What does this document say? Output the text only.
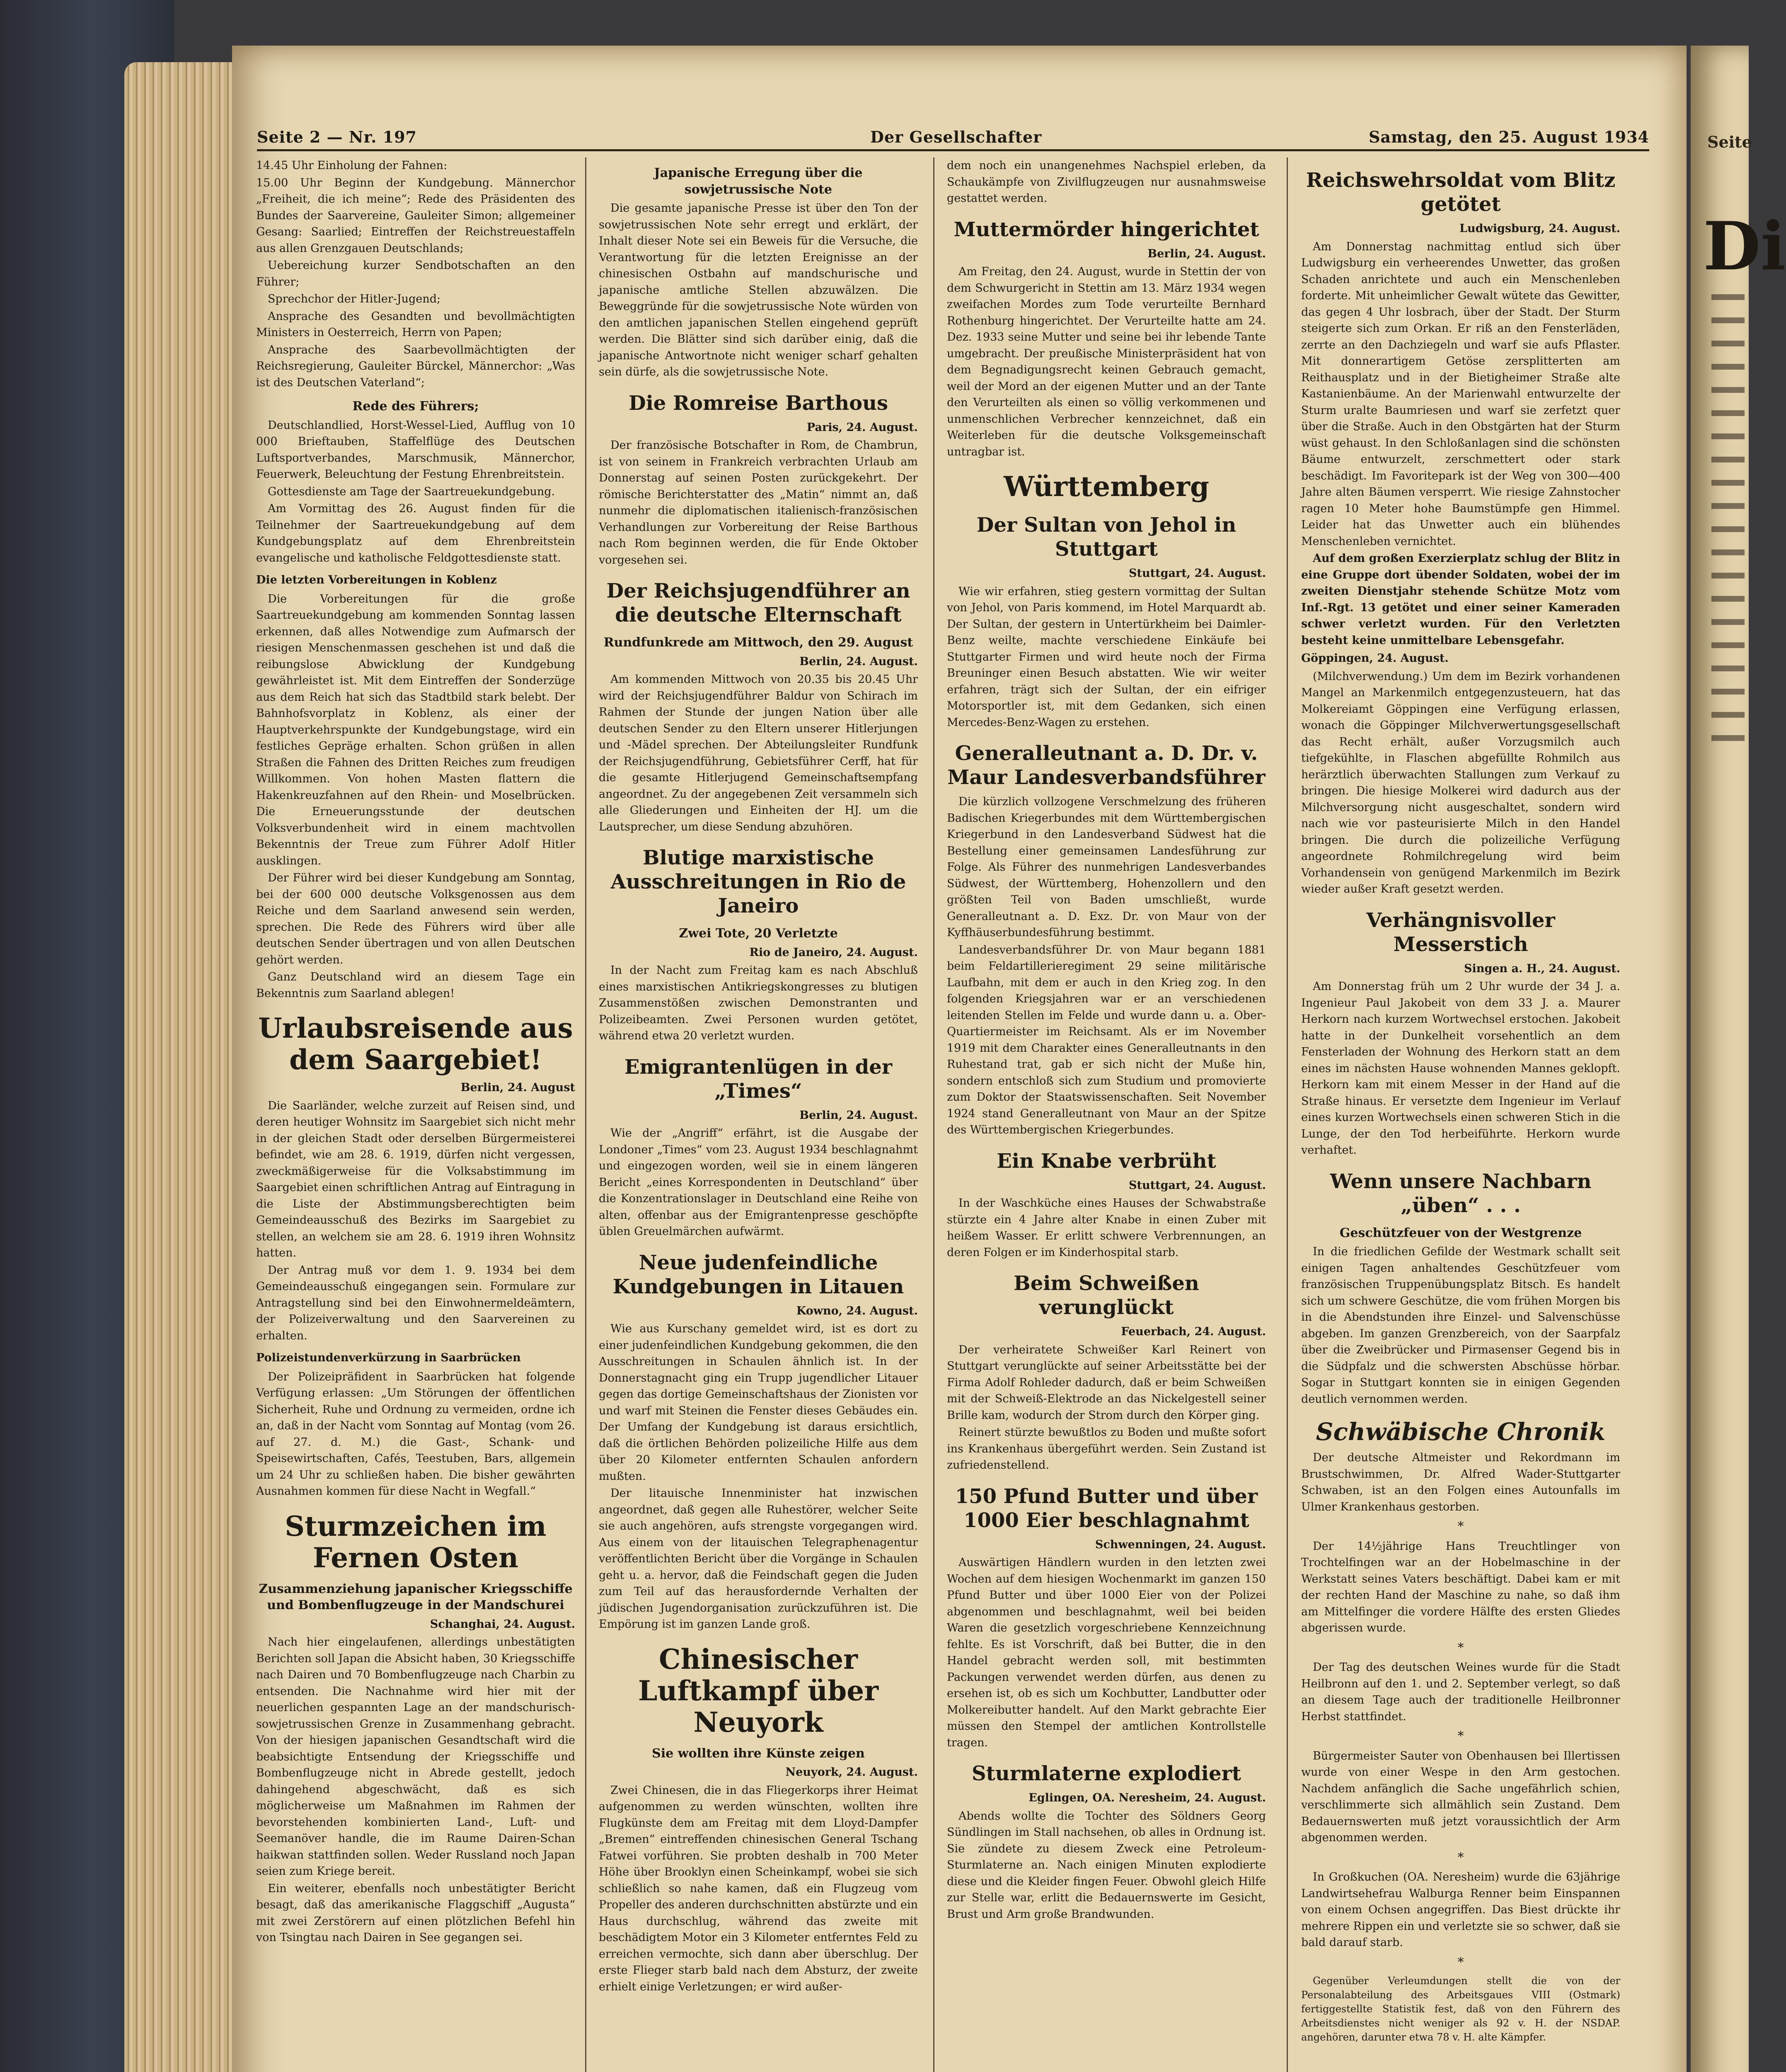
Seite
Di
Seite 2 — Nr. 197	Der Gesellschafter	Samstag, den 25. August 1934

14.45 Uhr Einholung der Fahnen:

15.00 Uhr Beginn der Kundgebung. Männerchor „Freiheit, die ich meine“; Rede des Präsidenten des Bundes der Saarvereine, Gauleiter Simon; allgemeiner Gesang: Saarlied; Eintreffen der Reichstreuestaffeln aus allen Grenzgauen Deutschlands;

Uebereichung kurzer Sendbotschaften an den Führer;

Sprechchor der Hitler-Jugend;

Ansprache des Gesandten und bevollmächtigten Ministers in Oesterreich, Herrn von Papen;

Ansprache des Saarbevollmächtigten der Reichsregierung, Gauleiter Bürckel, Männerchor: „Was ist des Deutschen Vaterland“;

Rede des Führers;

Deutschlandlied, Horst-Wessel-Lied, Aufflug von 10 000 Brieftauben, Staffelflüge des Deutschen Luftsportverbandes, Marschmusik, Männerchor, Feuerwerk, Beleuchtung der Festung Ehrenbreitstein.

Gottesdienste am Tage der Saartreuekundgebung.

Am Vormittag des 26. August finden für die Teilnehmer der Saartreuekundgebung auf dem Kundgebungsplatz auf dem Ehrenbreitstein evangelische und katholische Feldgottesdienste statt.

Die letzten Vorbereitungen in Koblenz

Die Vorbereitungen für die große Saartreuekundgebung am kommenden Sonntag lassen erkennen, daß alles Notwendige zum Aufmarsch der riesigen Menschenmassen geschehen ist und daß die reibungslose Abwicklung der Kundgebung gewährleistet ist. Mit dem Eintreffen der Sonderzüge aus dem Reich hat sich das Stadtbild stark belebt. Der Bahnhofsvorplatz in Koblenz, als einer der Hauptverkehrspunkte der Kundgebungstage, wird ein festliches Gepräge erhalten. Schon grüßen in allen Straßen die Fahnen des Dritten Reiches zum freudigen Willkommen. Von hohen Masten flattern die Hakenkreuzfahnen auf den Rhein- und Moselbrücken. Die Erneuerungsstunde der deutschen Volksverbundenheit wird in einem machtvollen Bekenntnis der Treue zum Führer Adolf Hitler ausklingen.

Der Führer wird bei dieser Kundgebung am Sonntag, bei der 600 000 deutsche Volksgenossen aus dem Reiche und dem Saarland anwesend sein werden, sprechen. Die Rede des Führers wird über alle deutschen Sender übertragen und von allen Deutschen gehört werden.

Ganz Deutschland wird an diesem Tage ein Bekenntnis zum Saarland ablegen!

Urlaubsreisende aus dem Saargebiet!

Berlin, 24. August

Die Saarländer, welche zurzeit auf Reisen sind, und deren heutiger Wohnsitz im Saargebiet sich nicht mehr in der gleichen Stadt oder derselben Bürgermeisterei befindet, wie am 28. 6. 1919, dürfen nicht vergessen, zweckmäßigerweise für die Volksabstimmung im Saargebiet einen schriftlichen Antrag auf Eintragung in die Liste der Abstimmungsberechtigten beim Gemeindeausschuß des Bezirks im Saargebiet zu stellen, an welchem sie am 28. 6. 1919 ihren Wohnsitz hatten.

Der Antrag muß vor dem 1. 9. 1934 bei dem Gemeindeausschuß eingegangen sein. Formulare zur Antragstellung sind bei den Einwohnermeldeämtern, der Polizeiverwaltung und den Saarvereinen zu erhalten.

Polizeistundenverkürzung in Saarbrücken

Der Polizeipräfident in Saarbrücken hat folgende Verfügung erlassen: „Um Störungen der öffentlichen Sicherheit, Ruhe und Ordnung zu vermeiden, ordne ich an, daß in der Nacht vom Sonntag auf Montag (vom 26. auf 27. d. M.) die Gast-, Schank- und Speisewirtschaften, Cafés, Teestuben, Bars, allgemein um 24 Uhr zu schließen haben. Die bisher gewährten Ausnahmen kommen für diese Nacht in Wegfall.“

Sturmzeichen im Fernen Osten

Zusammenziehung japanischer Kriegsschiffe und Bombenflugzeuge in der Mandschurei

Schanghai, 24. August.

Nach hier eingelaufenen, allerdings unbestätigten Berichten soll Japan die Absicht haben, 30 Kriegsschiffe nach Dairen und 70 Bombenflugzeuge nach Charbin zu entsenden. Die Nachnahme wird hier mit der neuerlichen gespannten Lage an der mandschurisch-sowjetrussischen Grenze in Zusammenhang gebracht. Von der hiesigen japanischen Gesandtschaft wird die beabsichtigte Entsendung der Kriegsschiffe und Bombenflugzeuge nicht in Abrede gestellt, jedoch dahingehend abgeschwächt, daß es sich möglicherweise um Maßnahmen im Rahmen der bevorstehenden kombinierten Land-, Luft- und Seemanöver handle, die im Raume Dairen-Schan haikwan stattfinden sollen. Weder Russland noch Japan seien zum Kriege bereit.

Ein weiterer, ebenfalls noch unbestätigter Bericht besagt, daß das amerikanische Flaggschiff „Augusta“ mit zwei Zerstörern auf einen plötzlichen Befehl hin von Tsingtau nach Dairen in See gegangen sei.

Japanische Erregung über die sowjetrussische Note

Die gesamte japanische Presse ist über den Ton der sowjetrussischen Note sehr erregt und erklärt, der Inhalt dieser Note sei ein Beweis für die Versuche, die Verantwortung für die letzten Ereignisse an der chinesischen Ostbahn auf mandschurische und japanische amtliche Stellen abzuwälzen. Die Beweggründe für die sowjetrussische Note würden von den amtlichen japanischen Stellen eingehend geprüft werden. Die Blätter sind sich darüber einig, daß die japanische Antwortnote nicht weniger scharf gehalten sein dürfe, als die sowjetrussische Note.

Die Romreise Barthous

Paris, 24. August.

Der französische Botschafter in Rom, de Chambrun, ist von seinem in Frankreich verbrachten Urlaub am Donnerstag auf seinen Posten zurückgekehrt. Der römische Berichterstatter des „Matin“ nimmt an, daß nunmehr die diplomatischen italienisch-französischen Verhandlungen zur Vorbereitung der Reise Barthous nach Rom beginnen werden, die für Ende Oktober vorgesehen sei.

Der Reichsjugendführer an die deutsche Elternschaft

Rundfunkrede am Mittwoch, den 29. August

Berlin, 24. August.

Am kommenden Mittwoch von 20.35 bis 20.45 Uhr wird der Reichsjugendführer Baldur von Schirach im Rahmen der Stunde der jungen Nation über alle deutschen Sender zu den Eltern unserer Hitlerjungen und -Mädel sprechen. Der Abteilungsleiter Rundfunk der Reichsjugendführung, Gebietsführer Cerff, hat für die gesamte Hitlerjugend Gemeinschaftsempfang angeordnet. Zu der angegebenen Zeit versammeln sich alle Gliederungen und Einheiten der HJ. um die Lautsprecher, um diese Sendung abzuhören.

Blutige marxistische Ausschreitungen in Rio de Janeiro

Zwei Tote, 20 Verletzte

Rio de Janeiro, 24. August.

In der Nacht zum Freitag kam es nach Abschluß eines marxistischen Antikriegskongresses zu blutigen Zusammenstößen zwischen Demonstranten und Polizeibeamten. Zwei Personen wurden getötet, während etwa 20 verletzt wurden.

Emigrantenlügen in der „Times“

Berlin, 24. August.

Wie der „Angriff“ erfährt, ist die Ausgabe der Londoner „Times“ vom 23. August 1934 beschlagnahmt und eingezogen worden, weil sie in einem längeren Bericht „eines Korrespondenten in Deutschland“ über die Konzentrationslager in Deutschland eine Reihe von alten, offenbar aus der Emigrantenpresse geschöpfte üblen Greuelmärchen aufwärmt.

Neue judenfeindliche Kundgebungen in Litauen

Kowno, 24. August.

Wie aus Kurschany gemeldet wird, ist es dort zu einer judenfeindlichen Kundgebung gekommen, die den Ausschreitungen in Schaulen ähnlich ist. In der Donnerstagnacht ging ein Trupp jugendlicher Litauer gegen das dortige Gemeinschaftshaus der Zionisten vor und warf mit Steinen die Fenster dieses Gebäudes ein. Der Umfang der Kundgebung ist daraus ersichtlich, daß die örtlichen Behörden polizeiliche Hilfe aus dem über 20 Kilometer entfernten Schaulen anfordern mußten.

Der litauische Innenminister hat inzwischen angeordnet, daß gegen alle Ruhestörer, welcher Seite sie auch angehören, aufs strengste vorgegangen wird. Aus einem von der litauischen Telegraphenagentur veröffentlichten Bericht über die Vorgänge in Schaulen geht u. a. hervor, daß die Feindschaft gegen die Juden zum Teil auf das herausfordernde Verhalten der jüdischen Jugendorganisation zurückzuführen ist. Die Empörung ist im ganzen Lande groß.

Chinesischer Luftkampf über Neuyork

Sie wollten ihre Künste zeigen

Neuyork, 24. August.

Zwei Chinesen, die in das Fliegerkorps ihrer Heimat aufgenommen zu werden wünschten, wollten ihre Flugkünste dem am Freitag mit dem Lloyd-Dampfer „Bremen“ eintreffenden chinesischen General Tschang Fatwei vorführen. Sie probten deshalb in 700 Meter Höhe über Brooklyn einen Scheinkampf, wobei sie sich schließlich so nahe kamen, daß ein Flugzeug vom Propeller des anderen durchschnitten abstürzte und ein Haus durchschlug, während das zweite mit beschädigtem Motor ein 3 Kilometer entferntes Feld zu erreichen vermochte, sich dann aber überschlug. Der erste Flieger starb bald nach dem Absturz, der zweite erhielt einige Verletzungen; er wird außer-

dem noch ein unangenehmes Nachspiel erleben, da Schaukämpfe von Zivilflugzeugen nur ausnahmsweise gestattet werden.

Muttermörder hingerichtet

Berlin, 24. August.

Am Freitag, den 24. August, wurde in Stettin der von dem Schwurgericht in Stettin am 13. März 1934 wegen zweifachen Mordes zum Tode verurteilte Bernhard Rothenburg hingerichtet. Der Verurteilte hatte am 24. Dez. 1933 seine Mutter und seine bei ihr lebende Tante umgebracht. Der preußische Ministerpräsident hat von dem Begnadigungsrecht keinen Gebrauch gemacht, weil der Mord an der eigenen Mutter und an der Tante den Verurteilten als einen so völlig verkommenen und unmenschlichen Verbrecher kennzeichnet, daß ein Weiterleben für die deutsche Volksgemeinschaft untragbar ist.

Württemberg
Der Sultan von Jehol in Stuttgart

Stuttgart, 24. August.

Wie wir erfahren, stieg gestern vormittag der Sultan von Jehol, von Paris kommend, im Hotel Marquardt ab. Der Sultan, der gestern in Untertürkheim bei Daimler-Benz weilte, machte verschiedene Einkäufe bei Stuttgarter Firmen und wird heute noch der Firma Breuninger einen Besuch abstatten. Wie wir weiter erfahren, trägt sich der Sultan, der ein eifriger Motorsportler ist, mit dem Gedanken, sich einen Mercedes-Benz-Wagen zu erstehen.

Generalleutnant a. D. Dr. v. Maur Landesverbandsführer

Die kürzlich vollzogene Verschmelzung des früheren Badischen Kriegerbundes mit dem Württembergischen Kriegerbund in den Landesverband Südwest hat die Bestellung einer gemeinsamen Landesführung zur Folge. Als Führer des nunmehrigen Landesverbandes Südwest, der Württemberg, Hohenzollern und den größten Teil von Baden umschließt, wurde Generalleutnant a. D. Exz. Dr. von Maur von der Kyffhäuserbundesführung bestimmt.

Landesverbandsführer Dr. von Maur begann 1881 beim Feldartillerieregiment 29 seine militärische Laufbahn, mit dem er auch in den Krieg zog. In den folgenden Kriegsjahren war er an verschiedenen leitenden Stellen im Felde und wurde dann u. a. Ober-Quartiermeister im Reichsamt. Als er im November 1919 mit dem Charakter eines Generalleutnants in den Ruhestand trat, gab er sich nicht der Muße hin, sondern entschloß sich zum Studium und promovierte zum Doktor der Staatswissenschaften. Seit November 1924 stand Generalleutnant von Maur an der Spitze des Württembergischen Kriegerbundes.

Ein Knabe verbrüht

Stuttgart, 24. August.

In der Waschküche eines Hauses der Schwabstraße stürzte ein 4 Jahre alter Knabe in einen Zuber mit heißem Wasser. Er erlitt schwere Verbrennungen, an deren Folgen er im Kinderhospital starb.

Beim Schweißen verunglückt

Feuerbach, 24. August.

Der verheiratete Schweißer Karl Reinert von Stuttgart verunglückte auf seiner Arbeitsstätte bei der Firma Adolf Rohleder dadurch, daß er beim Schweißen mit der Schweiß-Elektrode an das Nickelgestell seiner Brille kam, wodurch der Strom durch den Körper ging.

Reinert stürzte bewußtlos zu Boden und mußte sofort ins Krankenhaus übergeführt werden. Sein Zustand ist zufriedenstellend.

150 Pfund Butter und über 1000 Eier beschlagnahmt

Schwenningen, 24. August.

Auswärtigen Händlern wurden in den letzten zwei Wochen auf dem hiesigen Wochenmarkt im ganzen 150 Pfund Butter und über 1000 Eier von der Polizei abgenommen und beschlagnahmt, weil bei beiden Waren die gesetzlich vorgeschriebene Kennzeichnung fehlte. Es ist Vorschrift, daß bei Butter, die in den Handel gebracht werden soll, mit bestimmten Packungen verwendet werden dürfen, aus denen zu ersehen ist, ob es sich um Kochbutter, Landbutter oder Molkereibutter handelt. Auf den Markt gebrachte Eier müssen den Stempel der amtlichen Kontrollstelle tragen.

Sturmlaterne explodiert

Eglingen, OA. Neresheim, 24. August.

Abends wollte die Tochter des Söldners Georg Sündlingen im Stall nachsehen, ob alles in Ordnung ist. Sie zündete zu diesem Zweck eine Petroleum-Sturmlaterne an. Nach einigen Minuten explodierte diese und die Kleider fingen Feuer. Obwohl gleich Hilfe zur Stelle war, erlitt die Bedauernswerte im Gesicht, Brust und Arm große Brandwunden.

Reichswehrsoldat vom Blitz getötet

Ludwigsburg, 24. August.

Am Donnerstag nachmittag entlud sich über Ludwigsburg ein verheerendes Unwetter, das großen Schaden anrichtete und auch ein Menschenleben forderte. Mit unheimlicher Gewalt wütete das Gewitter, das gegen 4 Uhr losbrach, über der Stadt. Der Sturm steigerte sich zum Orkan. Er riß an den Fensterläden, zerrte an den Dachziegeln und warf sie aufs Pflaster. Mit donnerartigem Getöse zersplitterten am Reithausplatz und in der Bietigheimer Straße alte Kastanienbäume. An der Marienwahl entwurzelte der Sturm uralte Baumriesen und warf sie zerfetzt quer über die Straße. Auch in den Obstgärten hat der Sturm wüst gehaust. In den Schloßanlagen sind die schönsten Bäume entwurzelt, zerschmettert oder stark beschädigt. Im Favoritepark ist der Weg von 300—400 Jahre alten Bäumen versperrt. Wie riesige Zahnstocher ragen 10 Meter hohe Baumstümpfe gen Himmel. Leider hat das Unwetter auch ein blühendes Menschenleben vernichtet.

Auf dem großen Exerzierplatz schlug der Blitz in eine Gruppe dort übender Soldaten, wobei der im zweiten Dienstjahr stehende Schütze Motz vom Inf.-Rgt. 13 getötet und einer seiner Kameraden schwer verletzt wurden. Für den Verletzten besteht keine unmittelbare Lebensgefahr.

Göppingen, 24. August.

(Milchverwendung.) Um dem im Bezirk vorhandenen Mangel an Markenmilch entgegenzusteuern, hat das Molkereiamt Göppingen eine Verfügung erlassen, wonach die Göppinger Milchverwertungsgesellschaft das Recht erhält, außer Vorzugsmilch auch tiefgekühlte, in Flaschen abgefüllte Rohmilch aus herärztlich überwachten Stallungen zum Verkauf zu bringen. Die hiesige Molkerei wird dadurch aus der Milchversorgung nicht ausgeschaltet, sondern wird nach wie vor pasteurisierte Milch in den Handel bringen. Die durch die polizeiliche Verfügung angeordnete Rohmilchregelung wird beim Vorhandensein von genügend Markenmilch im Bezirk wieder außer Kraft gesetzt werden.

Verhängnisvoller Messerstich

Singen a. H., 24. August.

Am Donnerstag früh um 2 Uhr wurde der 34 J. a. Ingenieur Paul Jakobeit von dem 33 J. a. Maurer Herkorn nach kurzem Wortwechsel erstochen. Jakobeit hatte in der Dunkelheit vorsehentlich an dem Fensterladen der Wohnung des Herkorn statt an dem eines im nächsten Hause wohnenden Mannes geklopft. Herkorn kam mit einem Messer in der Hand auf die Straße hinaus. Er versetzte dem Ingenieur im Verlauf eines kurzen Wortwechsels einen schweren Stich in die Lunge, der den Tod herbeiführte. Herkorn wurde verhaftet.

Wenn unsere Nachbarn „üben“ . . .

Geschützfeuer von der Westgrenze

In die friedlichen Gefilde der Westmark schallt seit einigen Tagen anhaltendes Geschützfeuer vom französischen Truppenübungsplatz Bitsch. Es handelt sich um schwere Geschütze, die vom frühen Morgen bis in die Abendstunden ihre Einzel- und Salvenschüsse abgeben. Im ganzen Grenzbereich, von der Saarpfalz über die Zweibrücker und Pirmasenser Gegend bis in die Südpfalz und die schwersten Abschüsse hörbar. Sogar in Stuttgart konnten sie in einigen Gegenden deutlich vernommen werden.

Schwäbische Chronik

Der deutsche Altmeister und Rekordmann im Brustschwimmen, Dr. Alfred Wader-Stuttgarter Schwaben, ist an den Folgen eines Autounfalls im Ulmer Krankenhaus gestorben.

*

Der 14½jährige Hans Treuchtlinger von Trochtelfingen war an der Hobelmaschine in der Werkstatt seines Vaters beschäftigt. Dabei kam er mit der rechten Hand der Maschine zu nahe, so daß ihm am Mittelfinger die vordere Hälfte des ersten Gliedes abgerissen wurde.

*

Der Tag des deutschen Weines wurde für die Stadt Heilbronn auf den 1. und 2. September verlegt, so daß an diesem Tage auch der traditionelle Heilbronner Herbst stattfindet.

*

Bürgermeister Sauter von Obenhausen bei Illertissen wurde von einer Wespe in den Arm gestochen. Nachdem anfänglich die Sache ungefährlich schien, verschlimmerte sich allmählich sein Zustand. Dem Bedauernswerten muß jetzt voraussichtlich der Arm abgenommen werden.

*

In Großkuchen (OA. Neresheim) wurde die 63jährige Landwirtsehefrau Walburga Renner beim Einspannen von einem Ochsen angegriffen. Das Biest drückte ihr mehrere Rippen ein und verletzte sie so schwer, daß sie bald darauf starb.

*

Gegenüber Verleumdungen stellt die von der Personalabteilung des Arbeitsgaues VIII (Ostmark) fertiggestellte Statistik fest, daß von den Führern des Arbeitsdienstes nicht weniger als 92 v. H. der NSDAP. angehören, darunter etwa 78 v. H. alte Kämpfer.
